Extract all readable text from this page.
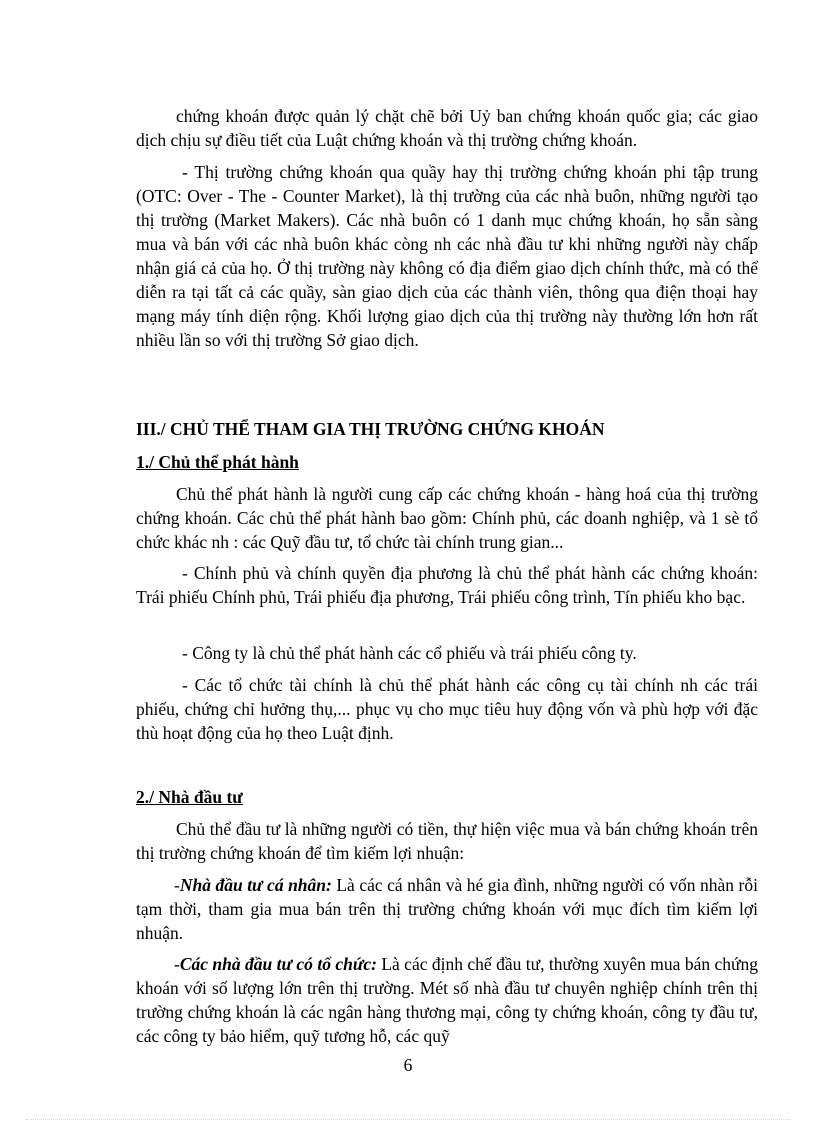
chứng khoán được quản lý chặt chẽ bởi Uỷ ban chứng khoán quốc gia; các giao dịch chịu sự điều tiết của Luật chứng khoán và thị trường chứng khoán.

- Thị trường chứng khoán qua quầy hay thị trường chứng khoán phi tập trung (OTC: Over - The - Counter Market), là thị trường của các nhà buôn, những người tạo thị trường (Market Makers). Các nhà buôn có 1 danh mục chứng khoán, họ sẵn sàng mua và bán với các nhà buôn khác còng nh các nhà đầu tư khi những người này chấp nhận giá cả của họ. Ở thị trường này không có địa điểm giao dịch chính thức, mà có thể diễn ra tại tất cả các quầy, sàn giao dịch của các thành viên, thông qua điện thoại hay mạng máy tính diện rộng. Khối lượng giao dịch của thị trường này thường lớn hơn rất nhiều lần so với thị trường Sở giao dịch.

III./ CHỦ THỂ THAM GIA THỊ TRƯỜNG CHỨNG KHOÁN

1./ Chủ thể phát hành

Chủ thể phát hành là người cung cấp các chứng khoán - hàng hoá của thị trường chứng khoán. Các chủ thể phát hành bao gồm: Chính phủ, các doanh nghiệp, và 1 sè tổ chức khác nh : các Quỹ đầu tư, tổ chức tài chính trung gian...

- Chính phủ và chính quyền địa phương là chủ thể phát hành các chứng khoán: Trái phiếu Chính phủ, Trái phiếu địa phương, Trái phiếu công trình, Tín phiếu kho bạc.

- Công ty là chủ thể phát hành các cổ phiếu và trái phiếu công ty.

- Các tổ chức tài chính là chủ thể phát hành các công cụ tài chính nh các trái phiếu, chứng chỉ hưởng thụ,... phục vụ cho mục tiêu huy động vốn và phù hợp với đặc thù hoạt động của họ theo Luật định.

2./ Nhà đầu tư

Chủ thể đầu tư là những người có tiền, thự hiện việc mua và bán chứng khoán trên thị trường chứng khoán để tìm kiếm lợi nhuận:

-Nhà đầu tư cá nhân: Là các cá nhân và hé gia đình, những người có vốn nhàn rỗi tạm thời, tham gia mua bán trên thị trường chứng khoán với mục đích tìm kiếm lợi nhuận.

-Các nhà đầu tư có tổ chức: Là các định chế đầu tư, thường xuyên mua bán chứng khoán với số lượng lớn trên thị trường. Mét số nhà đầu tư chuyên nghiệp chính trên thị trường chứng khoán là các ngân hàng thương mại, công ty chứng khoán, công ty đầu tư, các công ty bảo hiểm, quỹ tương hỗ, các quỹ

6
